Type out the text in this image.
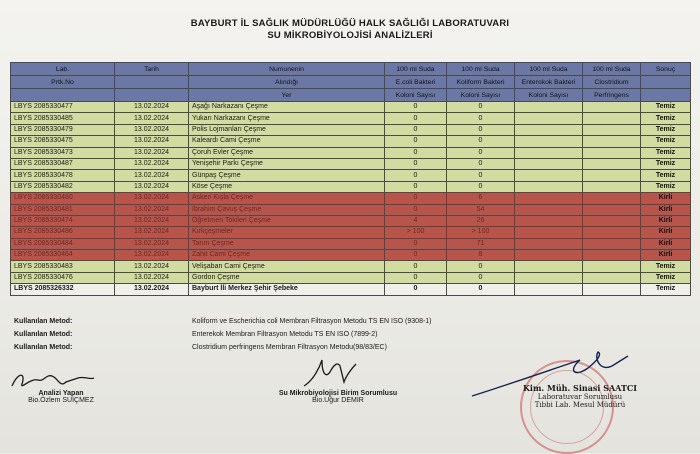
BAYBURT İL SAĞLIK MÜDÜRLÜĞÜ HALK SAĞLIĞI LABORATUVARI
SU MİKROBİYOLOJİSİ ANALİZLERİ
Lab.	Tarih	Numunenin	100 ml Suda	100 ml Suda	100 ml Suda	100 ml Suda	Sonuç
Prtk.No		Alındığı	E.coli Bakteri	Koliform Bakteri	Enterokok Bakteri	Clostridium	
		Yer	Koloni Sayısı	Koloni Sayısı	Koloni Sayısı	Perfringens	
LBYS 2085330477	13.02.2024	Aşağı Narkazanı Çeşme	0	0			Temiz
LBYS 2085330485	13.02.2024	Yukarı Narkazanı Çeşme	0	0			Temiz
LBYS 2085330479	13.02.2024	Polis Lojmanları Çeşme	0	0			Temiz
LBYS 2085330475	13.02.2024	Kaleardı Cami Çeşme	0	0			Temiz
LBYS 2085330473	13.02.2024	Çoruh Evler Çeşme	0	0			Temiz
LBYS 2085330487	13.02.2024	Yenişehir Parkı Çeşme	0	0			Temiz
LBYS 2085330478	13.02.2024	Günpaş Çeşme	0	0			Temiz
LBYS 2085330482	13.02.2024	Köse Çeşme	0	0			Temiz
LBYS 2085330480	13.02.2024	Askeri Kışla Çeşme	0	6			Kirli
LBYS 2085330481	13.02.2024	İbrahim Çavuş Çeşme	0	54			Kirli
LBYS 2085330474	13.02.2024	Öğretmen Tokileri Çeşme	4	26			Kirli
LBYS 2085330486	13.02.2024	Kırkçeşmeler	> 100	> 100			Kirli
LBYS 2085330484	13.02.2024	Tarım Çeşme	0	71			Kirli
LBYS 2085330464	13.02.2024	Zahit Cami Çeşme	0	8			Kirli
LBYS 2085330483	13.02.2024	Velişaban Cami Çeşme	0	0			Temiz
LBYS 2085330476	13.02.2024	Gordon Çeşme	0	0			Temiz
LBYS 2085326332	13.02.2024	Bayburt İli Merkez Şehir Şebeke	0	0			Temiz
Kullanılan Metod:	Koliform ve Escherichia coli Membran Filtrasyon Metodu TS EN ISO (9308-1)
Kullanılan Metod:	Enterekok Membran Filtrasyon Metodu TS EN ISO (7899-2)
Kullanılan Metod:	Clostridium perfringens Membran Filtrasyon Metodu(98/83/EC)
Analizi Yapan
Bio.Özlem SUİÇMEZ
Su Mikrobiyolojisi Birim Sorumlusu
Bio.Uğur DEMİR
Kim. Müh. Sinasi SAATCI
Laboratuvar Sorumlusu
Tıbbi Lab. Mesul Müdürü
